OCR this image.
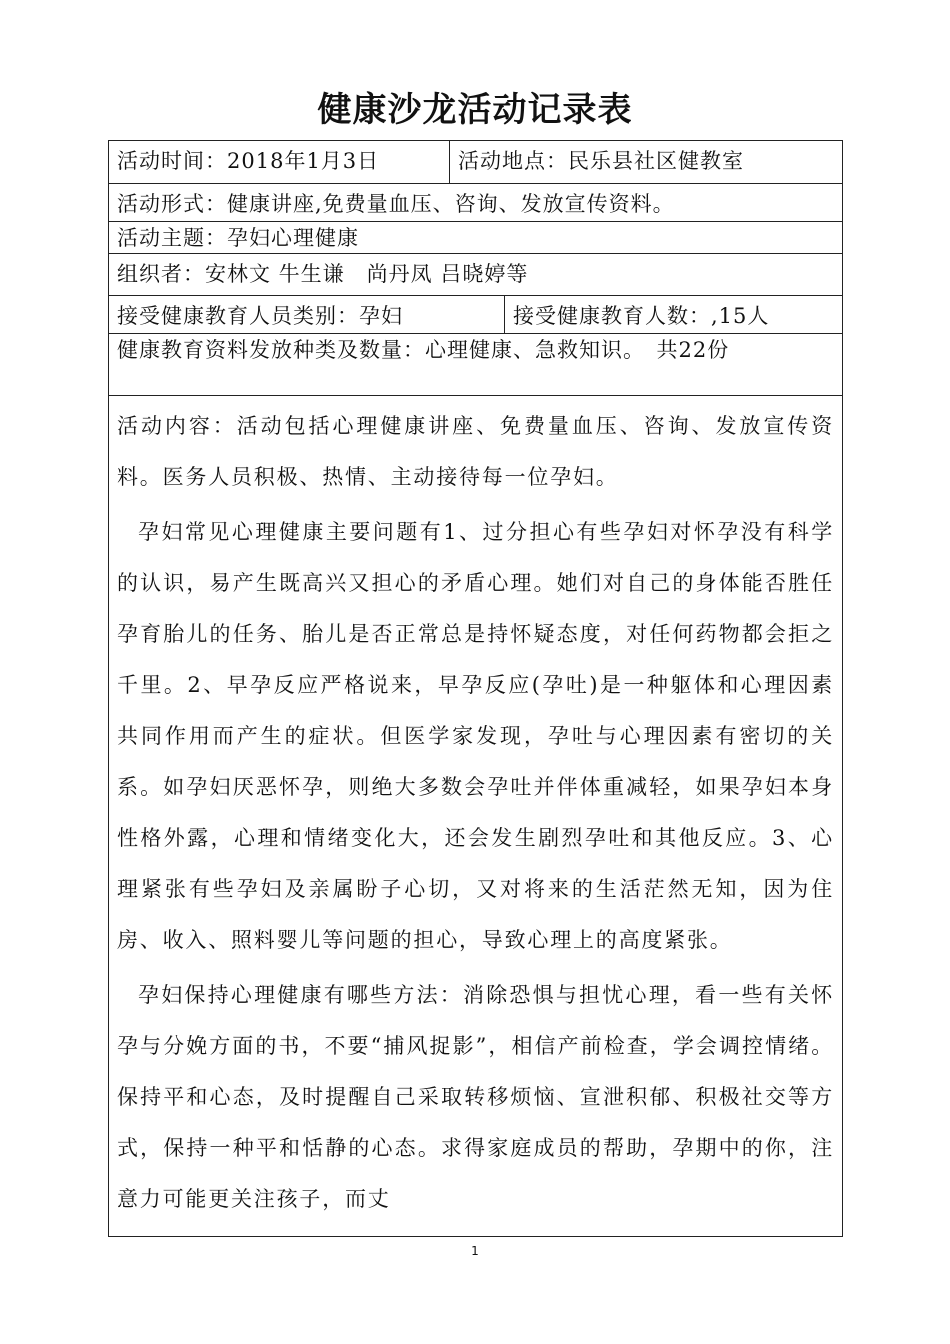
健康沙龙活动记录表
活动时间：2018年1月3日	活动地点：民乐县社区健教室
活动形式：健康讲座,免费量血压、咨询、发放宣传资料。
活动主题：孕妇心理健康
组织者：安林文 牛生谦　尚丹凤 吕晓婷等
接受健康教育人员类别：孕妇	接受健康教育人数：,15人
健康教育资料发放种类及数量：心理健康、急救知识。　共22份

活动内容：活动包括心理健康讲座、免费量血压、咨询、发放宣传资料。医务人员积极、热情、主动接待每一位孕妇。

孕妇常见心理健康主要问题有1、过分担心有些孕妇对怀孕没有科学的认识，易产生既高兴又担心的矛盾心理。她们对自己的身体能否胜任孕育胎儿的任务、胎儿是否正常总是持怀疑态度，对任何药物都会拒之千里。2、早孕反应严格说来，早孕反应(孕吐)是一种躯体和心理因素共同作用而产生的症状。但医学家发现，孕吐与心理因素有密切的关系。如孕妇厌恶怀孕，则绝大多数会孕吐并伴体重减轻，如果孕妇本身性格外露，心理和情绪变化大，还会发生剧烈孕吐和其他反应。3、心理紧张有些孕妇及亲属盼子心切，又对将来的生活茫然无知，因为住房、收入、照料婴儿等问题的担心，导致心理上的高度紧张。

孕妇保持心理健康有哪些方法：消除恐惧与担忧心理，看一些有关怀孕与分娩方面的书，不要“捕风捉影”，相信产前检查，学会调控情绪。保持平和心态，及时提醒自己采取转移烦恼、宣泄积郁、积极社交等方式，保持一种平和恬静的心态。求得家庭成员的帮助，孕期中的你，注意力可能更关注孩子，而丈

1
